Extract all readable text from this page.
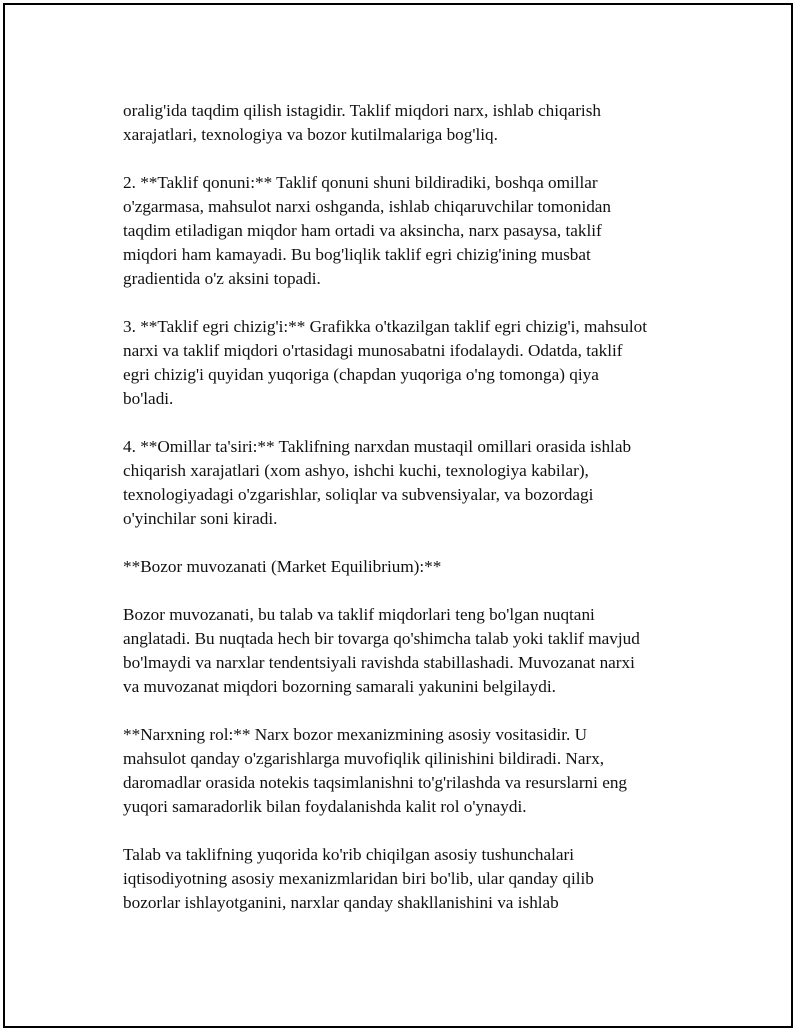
oralig'ida taqdim qilish istagidir. Taklif miqdori narx, ishlab chiqarish
xarajatlari, texnologiya va bozor kutilmalariga bog'liq.
2. **Taklif qonuni:** Taklif qonuni shuni bildiradiki, boshqa omillar
o'zgarmasa, mahsulot narxi oshganda, ishlab chiqaruvchilar tomonidan
taqdim etiladigan miqdor ham ortadi va aksincha, narx pasaysa, taklif
miqdori ham kamayadi. Bu bog'liqlik taklif egri chizig'ining musbat
gradientida o'z aksini topadi.
3. **Taklif egri chizig'i:** Grafikka o'tkazilgan taklif egri chizig'i, mahsulot
narxi va taklif miqdori o'rtasidagi munosabatni ifodalaydi. Odatda, taklif
egri chizig'i quyidan yuqoriga (chapdan yuqoriga o'ng tomonga) qiya
bo'ladi.
4. **Omillar ta'siri:** Taklifning narxdan mustaqil omillari orasida ishlab
chiqarish xarajatlari (xom ashyo, ishchi kuchi, texnologiya kabilar),
texnologiyadagi o'zgarishlar, soliqlar va subvensiyalar, va bozordagi
o'yinchilar soni kiradi.
**Bozor muvozanati (Market Equilibrium):**
Bozor muvozanati, bu talab va taklif miqdorlari teng bo'lgan nuqtani
anglatadi. Bu nuqtada hech bir tovarga qo'shimcha talab yoki taklif mavjud
bo'lmaydi va narxlar tendentsiyali ravishda stabillashadi. Muvozanat narxi
va muvozanat miqdori bozorning samarali yakunini belgilaydi.
**Narxning rol:** Narx bozor mexanizmining asosiy vositasidir. U
mahsulot qanday o'zgarishlarga muvofiqlik qilinishini bildiradi. Narx,
daromadlar orasida notekis taqsimlanishni to'g'rilashda va resurslarni eng
yuqori samaradorlik bilan foydalanishda kalit rol o'ynaydi.
Talab va taklifning yuqorida ko'rib chiqilgan asosiy tushunchalari
iqtisodiyotning asosiy mexanizmlaridan biri bo'lib, ular qanday qilib
bozorlar ishlayotganini, narxlar qanday shakllanishini va ishlab
